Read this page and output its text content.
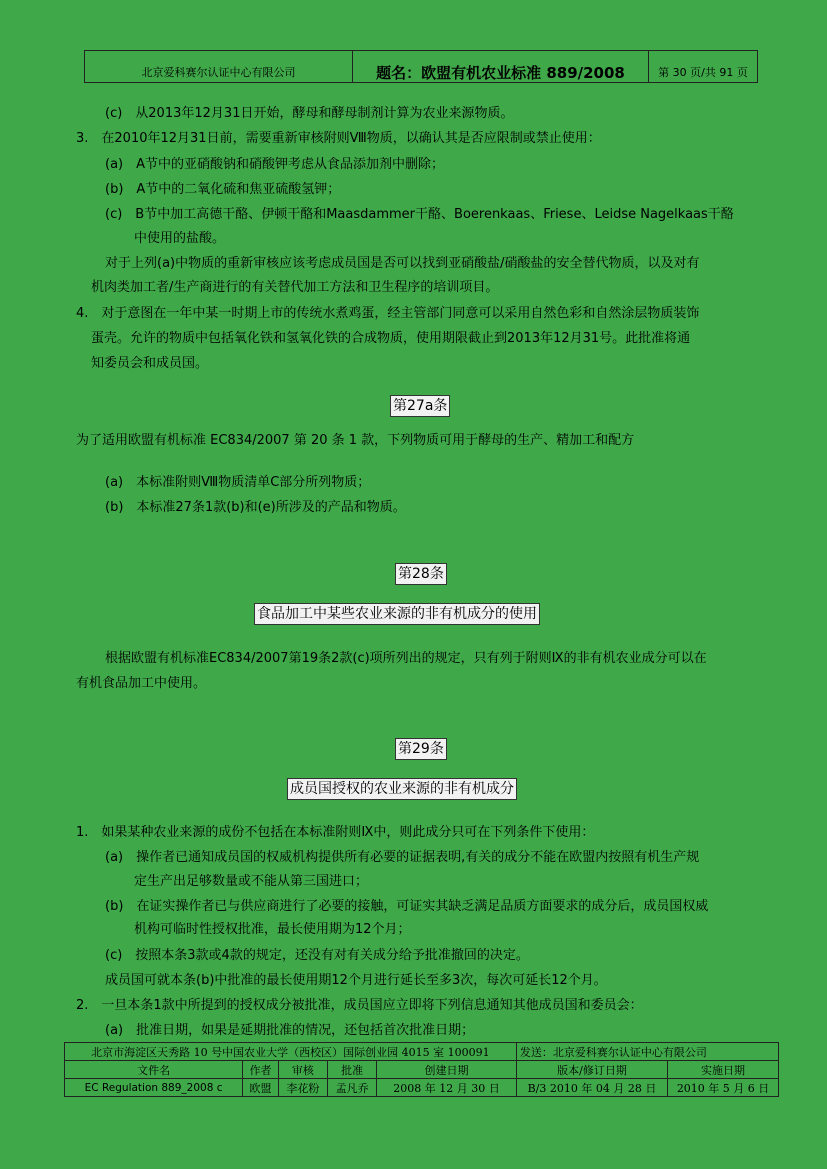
北京爱科赛尔认证中心有限公司	题名：欧盟有机农业标准 889/2008	第 30 页/共 91 页
(c)　从2013年12月31日开始，酵母和酵母制剂计算为农业来源物质。
3.　在2010年12月31日前，需要重新审核附则Ⅷ物质，以确认其是否应限制或禁止使用：
(a)　A节中的亚硝酸钠和硝酸钾考虑从食品添加剂中删除；
(b)　A节中的二氧化硫和焦亚硫酸氢钾；
(c)　B节中加工高德干酪、伊顿干酪和Maasdammer干酪、Boerenkaas、Friese、Leidse Nagelkaas干酪
中使用的盐酸。
对于上列(a)中物质的重新审核应该考虑成员国是否可以找到亚硝酸盐/硝酸盐的安全替代物质，以及对有
机肉类加工者/生产商进行的有关替代加工方法和卫生程序的培训项目。
4.　对于意图在一年中某一时期上市的传统水煮鸡蛋，经主管部门同意可以采用自然色彩和自然涂层物质装饰
蛋壳。允许的物质中包括氧化铁和氢氧化铁的合成物质，使用期限截止到2013年12月31号。此批准将通
知委员会和成员国。
第27a条
为了适用欧盟有机标准 EC834/2007 第 20 条 1 款，下列物质可用于酵母的生产、精加工和配方
(a)　本标准附则Ⅷ物质清单C部分所列物质；
(b)　本标准27条1款(b)和(e)所涉及的产品和物质。
第28条
食品加工中某些农业来源的非有机成分的使用
根据欧盟有机标准EC834/2007第19条2款(c)项所列出的规定，只有列于附则Ⅸ的非有机农业成分可以在
有机食品加工中使用。
第29条
成员国授权的农业来源的非有机成分
1.　如果某种农业来源的成份不包括在本标准附则Ⅸ中，则此成分只可在下列条件下使用：
(a)　操作者已通知成员国的权威机构提供所有必要的证据表明,有关的成分不能在欧盟内按照有机生产规
定生产出足够数量或不能从第三国进口；
(b)　在证实操作者已与供应商进行了必要的接触，可证实其缺乏满足品质方面要求的成分后，成员国权威
机构可临时性授权批准，最长使用期为12个月；
(c)　按照本条3款或4款的规定，还没有对有关成分给予批准撤回的决定。
成员国可就本条(b)中批准的最长使用期12个月进行延长至多3次，每次可延长12个月。
2.　一旦本条1款中所提到的授权成分被批准，成员国应立即将下列信息通知其他成员国和委员会：
(a)　批准日期，如果是延期批准的情况，还包括首次批准日期；
北京市海淀区天秀路 10 号中国农业大学（西校区）国际创业园 4015 室 100091					发送：北京爱科赛尔认证中心有限公司	
文件名	作者	审核	批准	创建日期	版本/修订日期	实施日期
EC Regulation 889_2008 c	欧盟	李花粉	孟凡乔	2008 年 12 月 30 日	B/3 2010 年 04 月 28 日	2010 年 5 月 6 日
